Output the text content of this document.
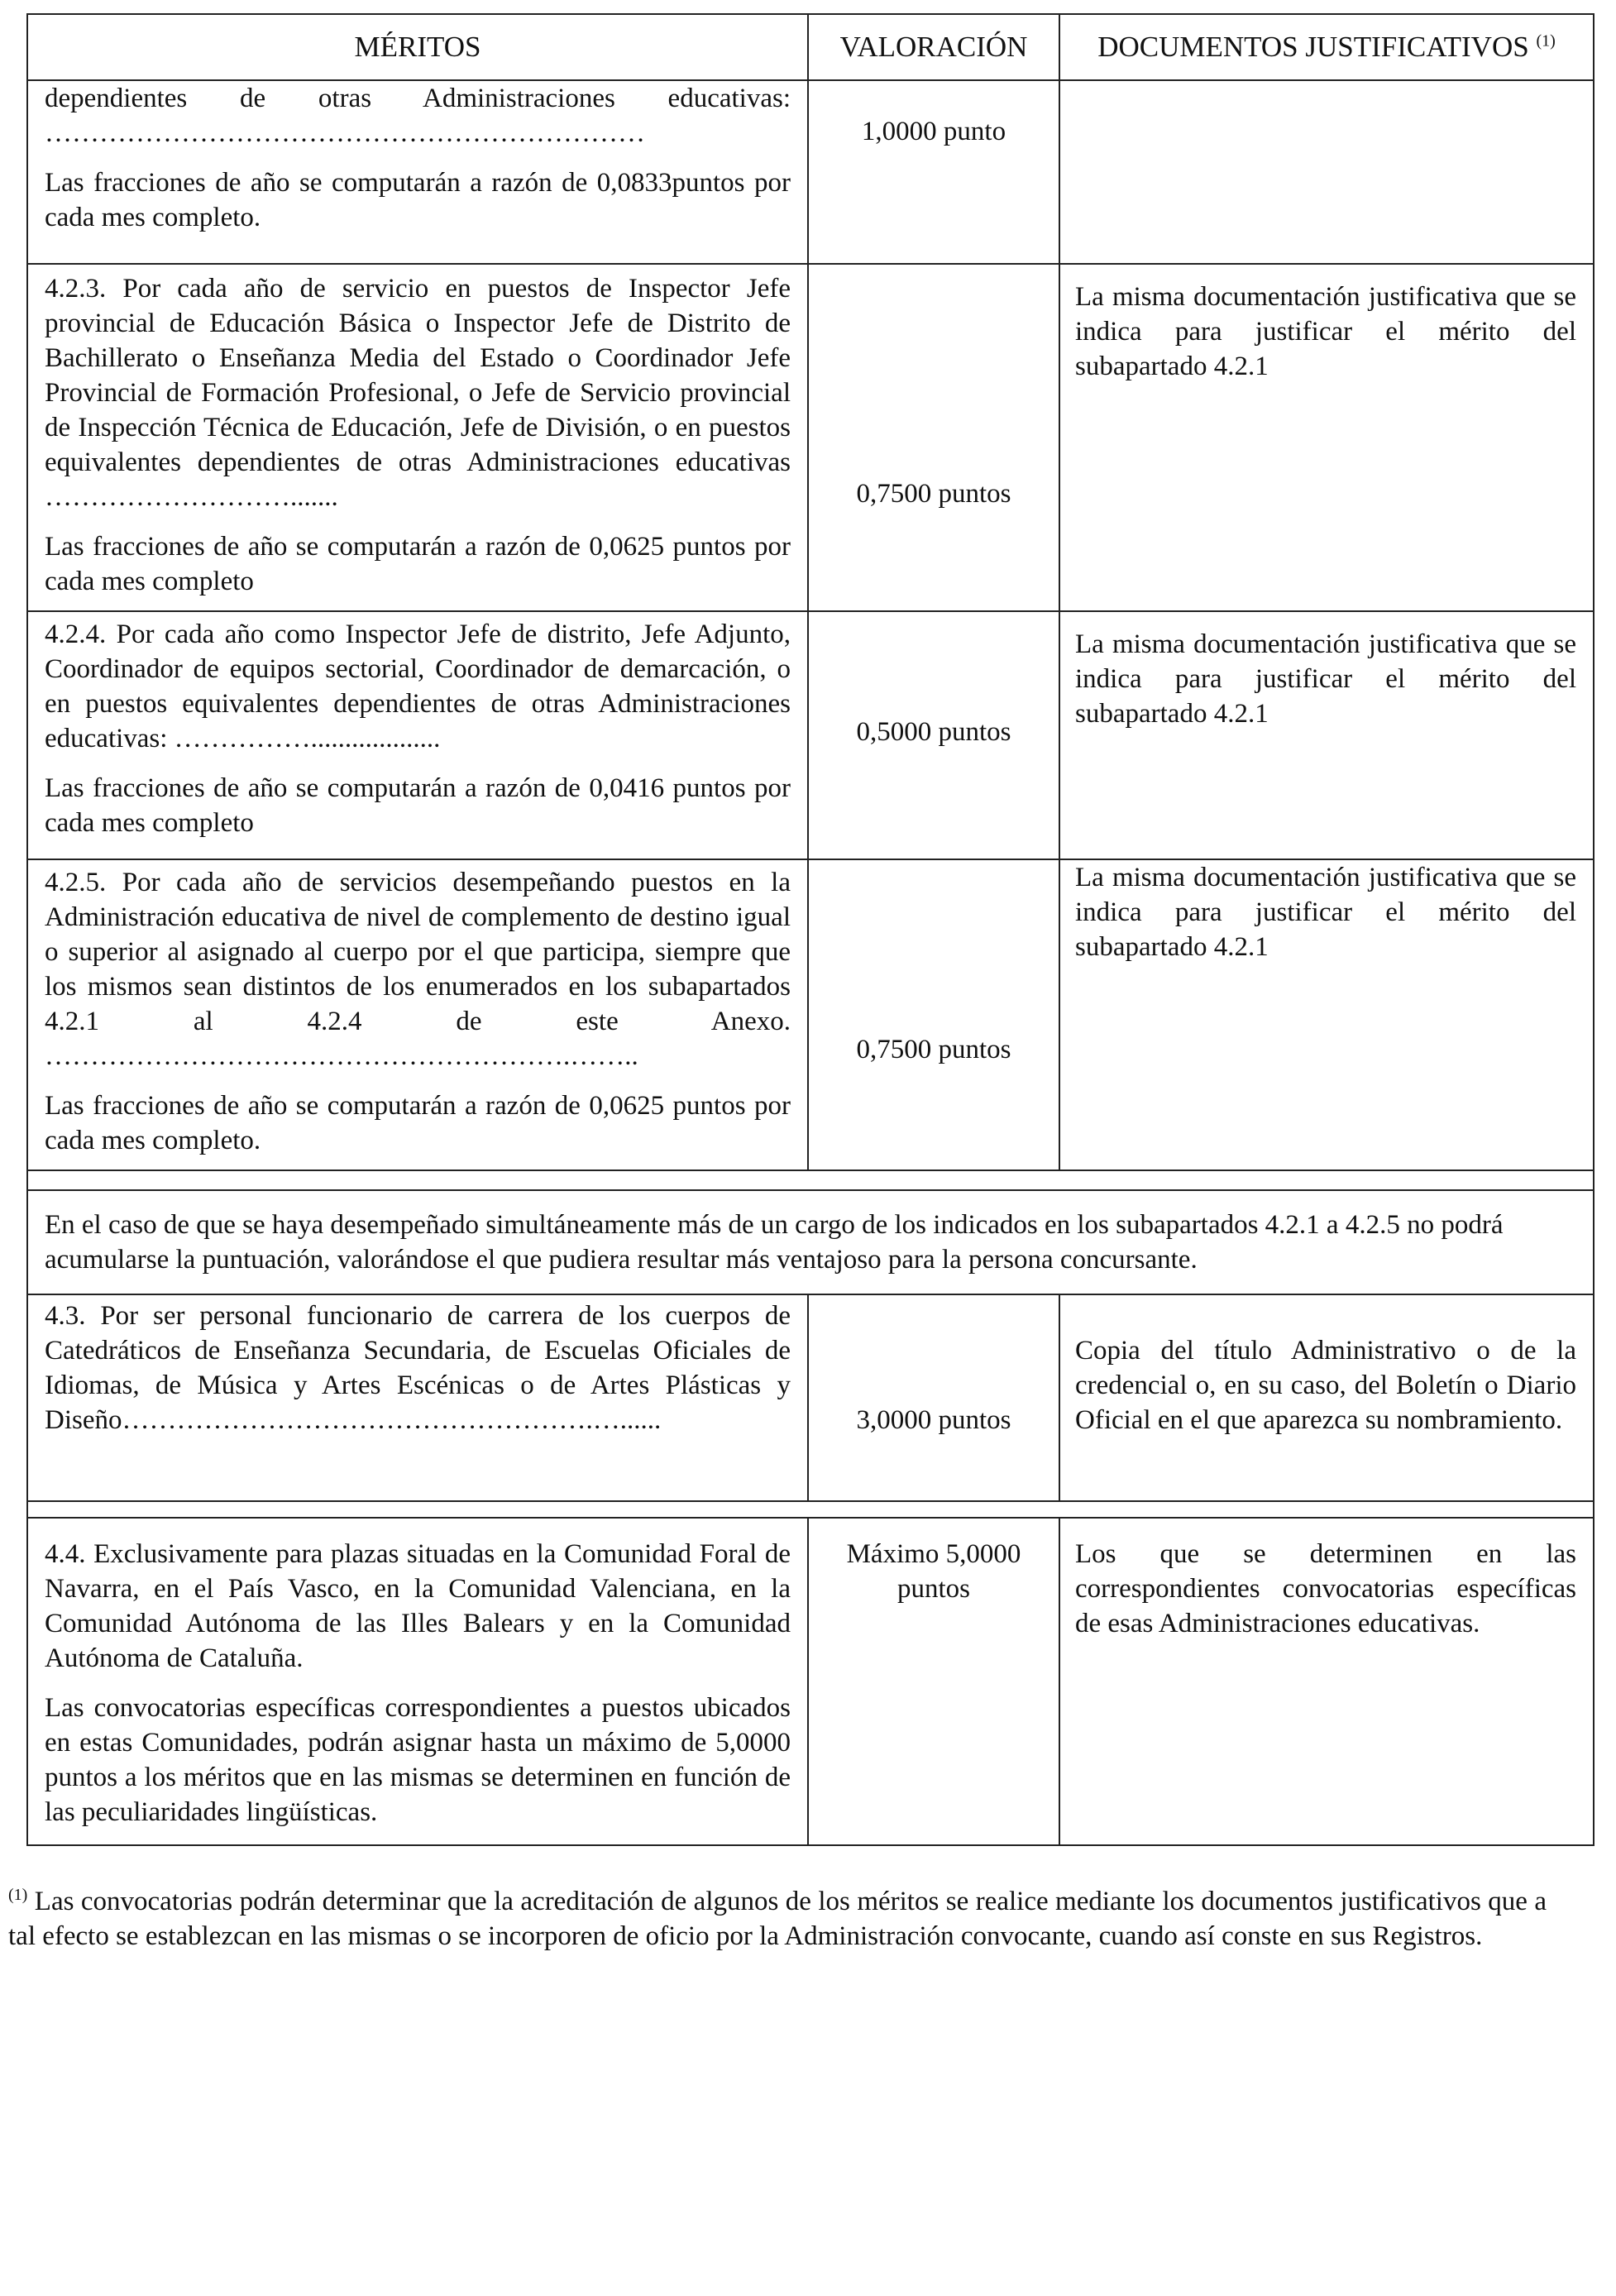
MÉRITOS	VALORACIÓN	DOCUMENTOS JUSTIFICATIVOS $^{(1)}$

dependientes de otras Administraciones educativas: …………………………………………………………

Las fracciones de año se computarán a razón de 0,0833puntos por cada mes completo.	1,0000 punto	

4.2.3. Por cada año de servicio en puestos de Inspector Jefe provincial de Educación Básica o Inspector Jefe de Distrito de Bachillerato o Enseñanza Media del Estado o Coordinador Jefe Provincial de Formación Profesional, o Jefe de Servicio provincial de Inspección Técnica de Educación, Jefe de División, o en puestos equivalentes dependientes de otras Administraciones educativas ……………………….......

Las fracciones de año se computarán a razón de 0,0625 puntos por cada mes completo	0,7500 puntos	La misma documentación justificativa que se indica para justificar el mérito del subapartado 4.2.1

4.2.4. Por cada año como Inspector Jefe de distrito, Jefe Adjunto, Coordinador de equipos sectorial, Coordinador de demarcación, o en puestos equivalentes dependientes de otras Administraciones educativas: ……………...................

Las fracciones de año se computarán a razón de 0,0416 puntos por cada mes completo	0,5000 puntos	La misma documentación justificativa que se indica para justificar el mérito del subapartado 4.2.1

4.2.5. Por cada año de servicios desempeñando puestos en la Administración educativa de nivel de complemento de destino igual o superior al asignado al cuerpo por el que participa, siempre que los mismos sean distintos de los enumerados en los subapartados 4.2.1 al 4.2.4 de este Anexo. ………………………………………………….……..

Las fracciones de año se computarán a razón de 0,0625 puntos por cada mes completo.	0,7500 puntos	La misma documentación justificativa que se indica para justificar el mérito del subapartado 4.2.1

En el caso de que se haya desempeñado simultáneamente más de un cargo de los indicados en los subapartados 4.2.1 a 4.2.5 no podrá acumularse la puntuación, valorándose el que pudiera resultar más ventajoso para la persona concursante.		

4.3. Por ser personal funcionario de carrera de los cuerpos de Catedráticos de Enseñanza Secundaria, de Escuelas Oficiales de Idiomas, de Música y Artes Escénicas o de Artes Plásticas y Diseño…………………………………………….…......	3,0000 puntos	Copia del título Administrativo o de la credencial o, en su caso, del Boletín o Diario Oficial en el que aparezca su nombramiento.

4.4. Exclusivamente para plazas situadas en la Comunidad Foral de Navarra, en el País Vasco, en la Comunidad Valenciana, en la Comunidad Autónoma de las Illes Balears y en la Comunidad Autónoma de Cataluña.

Las convocatorias específicas correspondientes a puestos ubicados en estas Comunidades, podrán asignar hasta un máximo de 5,0000 puntos a los méritos que en las mismas se determinen en función de las peculiaridades lingüísticas.	Máximo 5,0000 puntos	Los que se determinen en las correspondientes convocatorias específicas de esas Administraciones educativas.
$^{(1)}$ Las convocatorias podrán determinar que la acreditación de algunos de los méritos se realice mediante los documentos justificativos que a tal efecto se establezcan en las mismas o se incorporen de oficio por la Administración convocante, cuando así conste en sus Registros.
